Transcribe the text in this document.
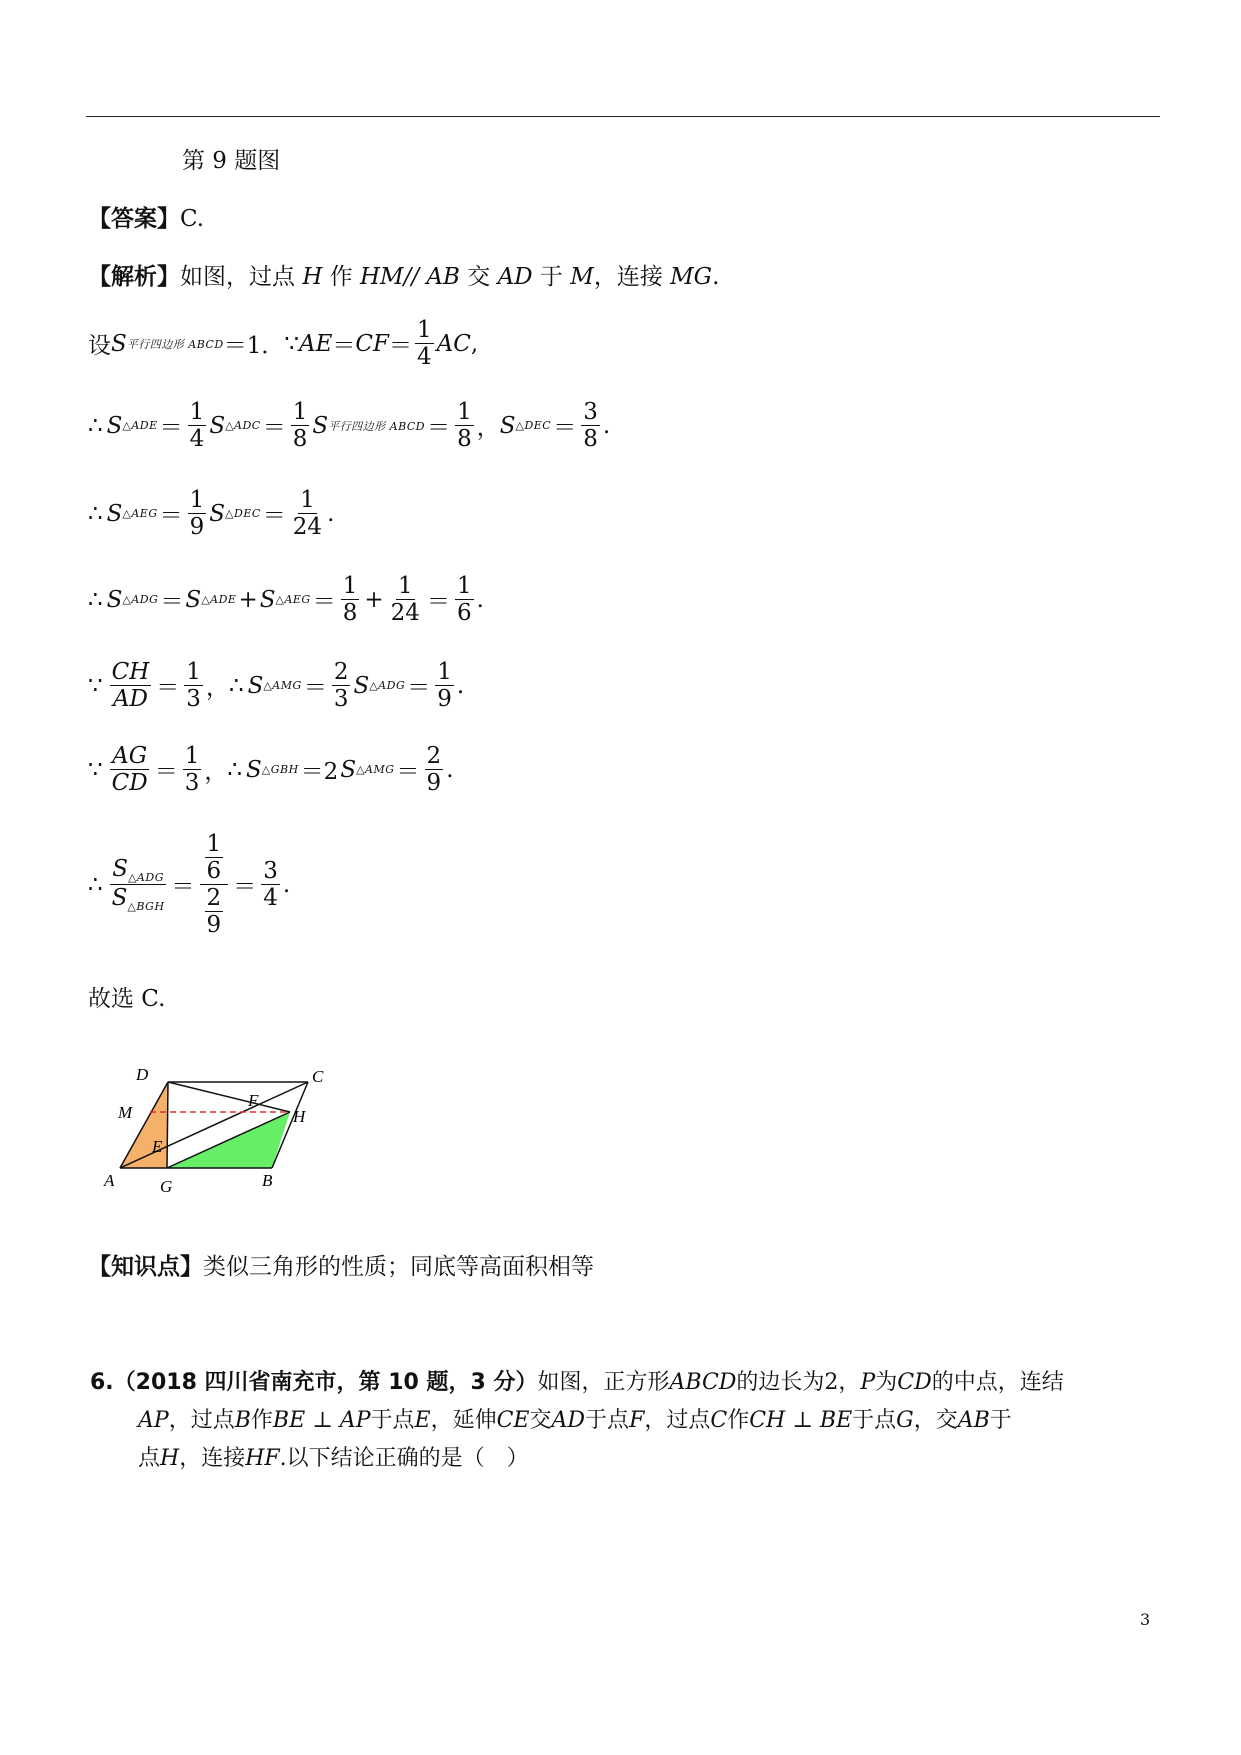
第 9 题图
【答案】C.
【解析】如图，过点 H 作 HM// AB 交 AD 于 M，连接 MG.
设 S 平行四边形 ABCD ＝1． ∵ AE ＝ CF ＝ $\frac{1}{4}$ AC ,
∴ S △ADE ＝ $\frac{1}{4}$ S △ADC ＝ $\frac{1}{8}$ S 平行四边形 ABCD ＝ $\frac{1}{8}$ ， S △DEC ＝ $\frac{3}{8}$ .
∴ S △AEG ＝ $\frac{1}{9}$ S △DEC ＝ $\frac{1}{24}$ .
∴ S △ADG ＝ S △ADE + S △AEG ＝ $\frac{1}{8} + \frac{1}{24} = \frac{1}{6}$ .
∵ $\frac{CH}{AD} = \frac{1}{3}$ ， ∴ S △AMG ＝ $\frac{2}{3}$ S △ADG ＝ $\frac{1}{9}$ .
∵ $\frac{AG}{CD} = \frac{1}{3}$ ， ∴ S △GBH ＝2 S △AMG ＝ $\frac{2}{9}$ .
∴ $\frac{S_{\triangle ADG}}{S_{\triangle BGH}} = \frac{\frac{1}{6}}{\frac{2}{9}} = \frac{3}{4}$ .
故选 C.
D	C
M
F
H
E
A	G	B
【知识点】类似三角形的性质；同底等高面积相等
6.（2018 四川省南充市，第 10 题，3 分）如图，正方形ABCD的边长为2，P为CD的中点，连结
AP，过点B作BE ⊥ AP于点E，延伸CE交AD于点F，过点C作CH ⊥ BE于点G，交AB于
点H，连接HF.以下结论正确的是（　）
3
